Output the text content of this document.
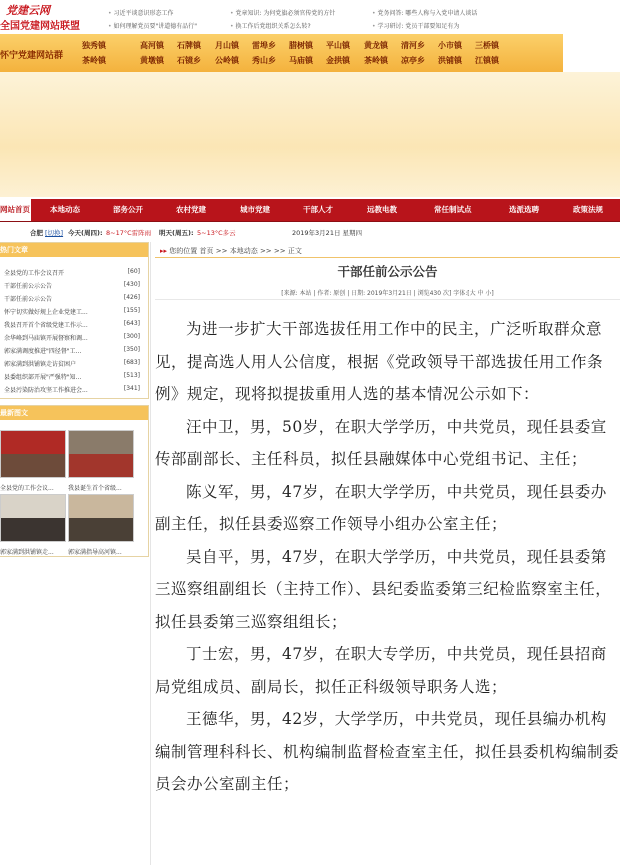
党建云网
全国党建网站联盟
• 习近平谈意识形态工作	• 党章知识: 为何党旗必须官传党的方针	• 党务问答: 哪些人称与入党申请人谈话
• 如何理解党员要"讲道德有品行"	• 换工作后党组织关系怎么转?	• 学习研讨: 党员干部要知足有为
怀宁党建网站群
独秀镇	高河镇 石牌镇 月山镇 雷埠乡 腊树镇 平山镇 黄龙镇 清河乡 小市镇 三桥镇
茶岭镇	黄墩镇 石镜乡 公岭镇 秀山乡 马庙镇 金拱镇 茶岭镇 凉亭乡 洪铺镇 江镇镇
网站首页	本地动态	部务公开	农村党建	城市党建	干部人才	远教电教	常任制试点	选派选聘	政策法规
合肥 [切换] 今天(周四): 8~17°C雷阵雨 明天(周五): 5~13°C多云	2019年3月21日 星期四
热门文章
全县党的工作会议召开	[60]
干部任前公示公告	[430]
干部任前公示公告	[426]
怀宁切实做好规上企业党建工...	[155]
我县召开首个省级党建工作示...	[643]
余华峰到马庙镇开展督察和调...	[300]
郭家满调度推进"四径督"工...	[350]
郭家满到洪铺镇走访贫困户	[683]
县委组织部开展"严强特"知...	[513]
全县污染防治攻坚工作推进会...	[341]
最新图文
全县党的工作会议... 我县诞生首个省级...
郭家满到洪铺镇走... 郭家满指导高河镇...
▸▸ 您的位置 首页 >> 本地动态 >> >> 正文
干部任前公示公告
[来源: 本站 | 作者: 原创 | 日期: 2019年3月21日 | 浏览430 次] 字体:[大 中 小]

为进一步扩大干部选拔任用工作中的民主，广泛听取群众意见，提高选人用人公信度，根据《党政领导干部选拔任用工作条例》规定，现将拟提拔重用人选的基本情况公示如下：

汪中卫，男，50岁，在职大学学历，中共党员，现任县委宣传部副部长、主任科员，拟任县融媒体中心党组书记、主任；

陈义军，男，47岁，在职大学学历，中共党员，现任县委办副主任，拟任县委巡察工作领导小组办公室主任；

吴自平，男，47岁，在职大学学历，中共党员，现任县委第三巡察组副组长（主持工作）、县纪委监委第三纪检监察室主任，拟任县委第三巡察组组长；

丁士宏，男，47岁，在职大专学历，中共党员，现任县招商局党组成员、副局长，拟任正科级领导职务人选；

王德华，男，42岁，大学学历，中共党员，现任县编办机构编制管理科科长、机构编制监督检查室主任，拟任县委机构编制委员会办公室副主任；
